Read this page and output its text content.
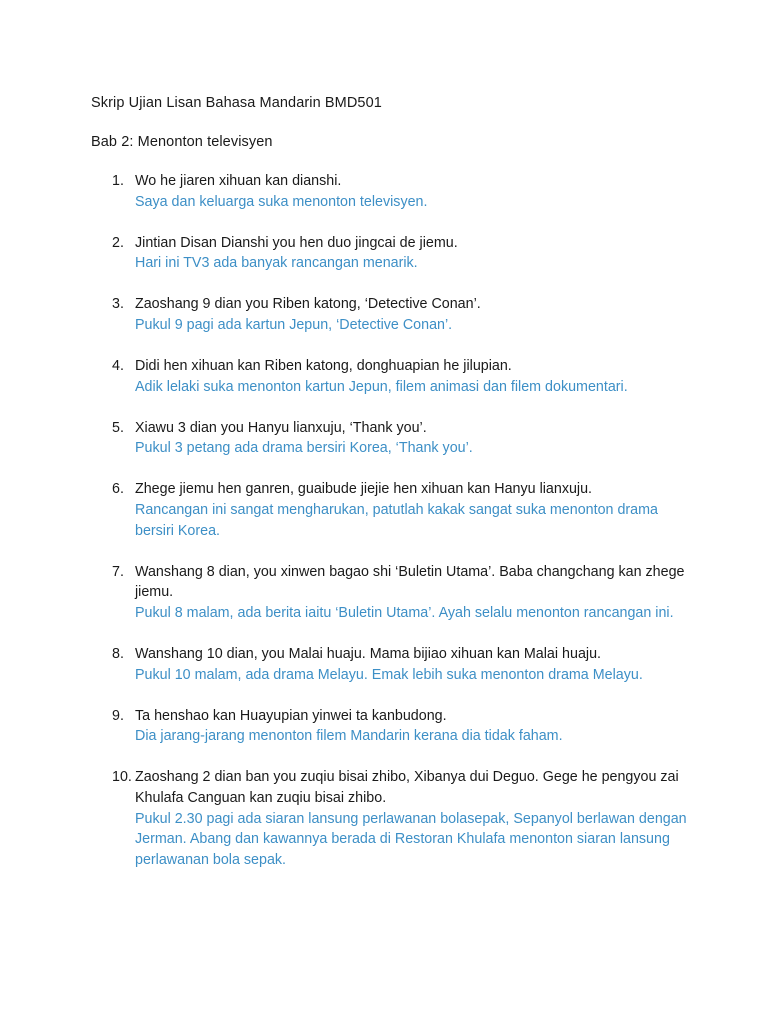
Skrip Ujian Lisan Bahasa Mandarin BMD501
Bab 2: Menonton televisyen
1. Wo he jiaren xihuan kan dianshi.
Saya dan keluarga suka menonton televisyen.
2. Jintian Disan Dianshi you hen duo jingcai de jiemu.
Hari ini TV3 ada banyak rancangan menarik.
3. Zaoshang 9 dian you Riben katong, ‘Detective Conan’.
Pukul 9 pagi ada kartun Jepun, ‘Detective Conan’.
4. Didi hen xihuan kan Riben katong, donghuapian he jilupian.
Adik lelaki suka menonton kartun Jepun, filem animasi dan filem dokumentari.
5. Xiawu 3 dian you Hanyu lianxuju, ‘Thank you’.
Pukul 3 petang ada drama bersiri Korea, ‘Thank you’.
6. Zhege jiemu hen ganren, guaibude jiejie hen xihuan kan Hanyu lianxuju.
Rancangan ini sangat mengharukan, patutlah kakak sangat suka menonton drama bersiri Korea.
7. Wanshang 8 dian, you xinwen bagao shi ‘Buletin Utama’. Baba changchang kan zhege jiemu.
Pukul 8 malam, ada berita iaitu ‘Buletin Utama’. Ayah selalu menonton rancangan ini.
8. Wanshang 10 dian, you Malai huaju. Mama bijiao xihuan kan Malai huaju.
Pukul 10 malam, ada drama Melayu. Emak lebih suka menonton drama Melayu.
9. Ta henshao kan Huayupian yinwei ta kanbudong.
Dia jarang-jarang menonton filem Mandarin kerana dia tidak faham.
10. Zaoshang 2 dian ban you zuqiu bisai zhibo, Xibanya dui Deguo. Gege he pengyou zai Khulafa Canguan kan zuqiu bisai zhibo.
Pukul 2.30 pagi ada siaran lansung perlawanan bolasepak, Sepanyol berlawan dengan Jerman. Abang dan kawannya berada di Restoran Khulafa menonton siaran lansung perlawanan bola sepak.
